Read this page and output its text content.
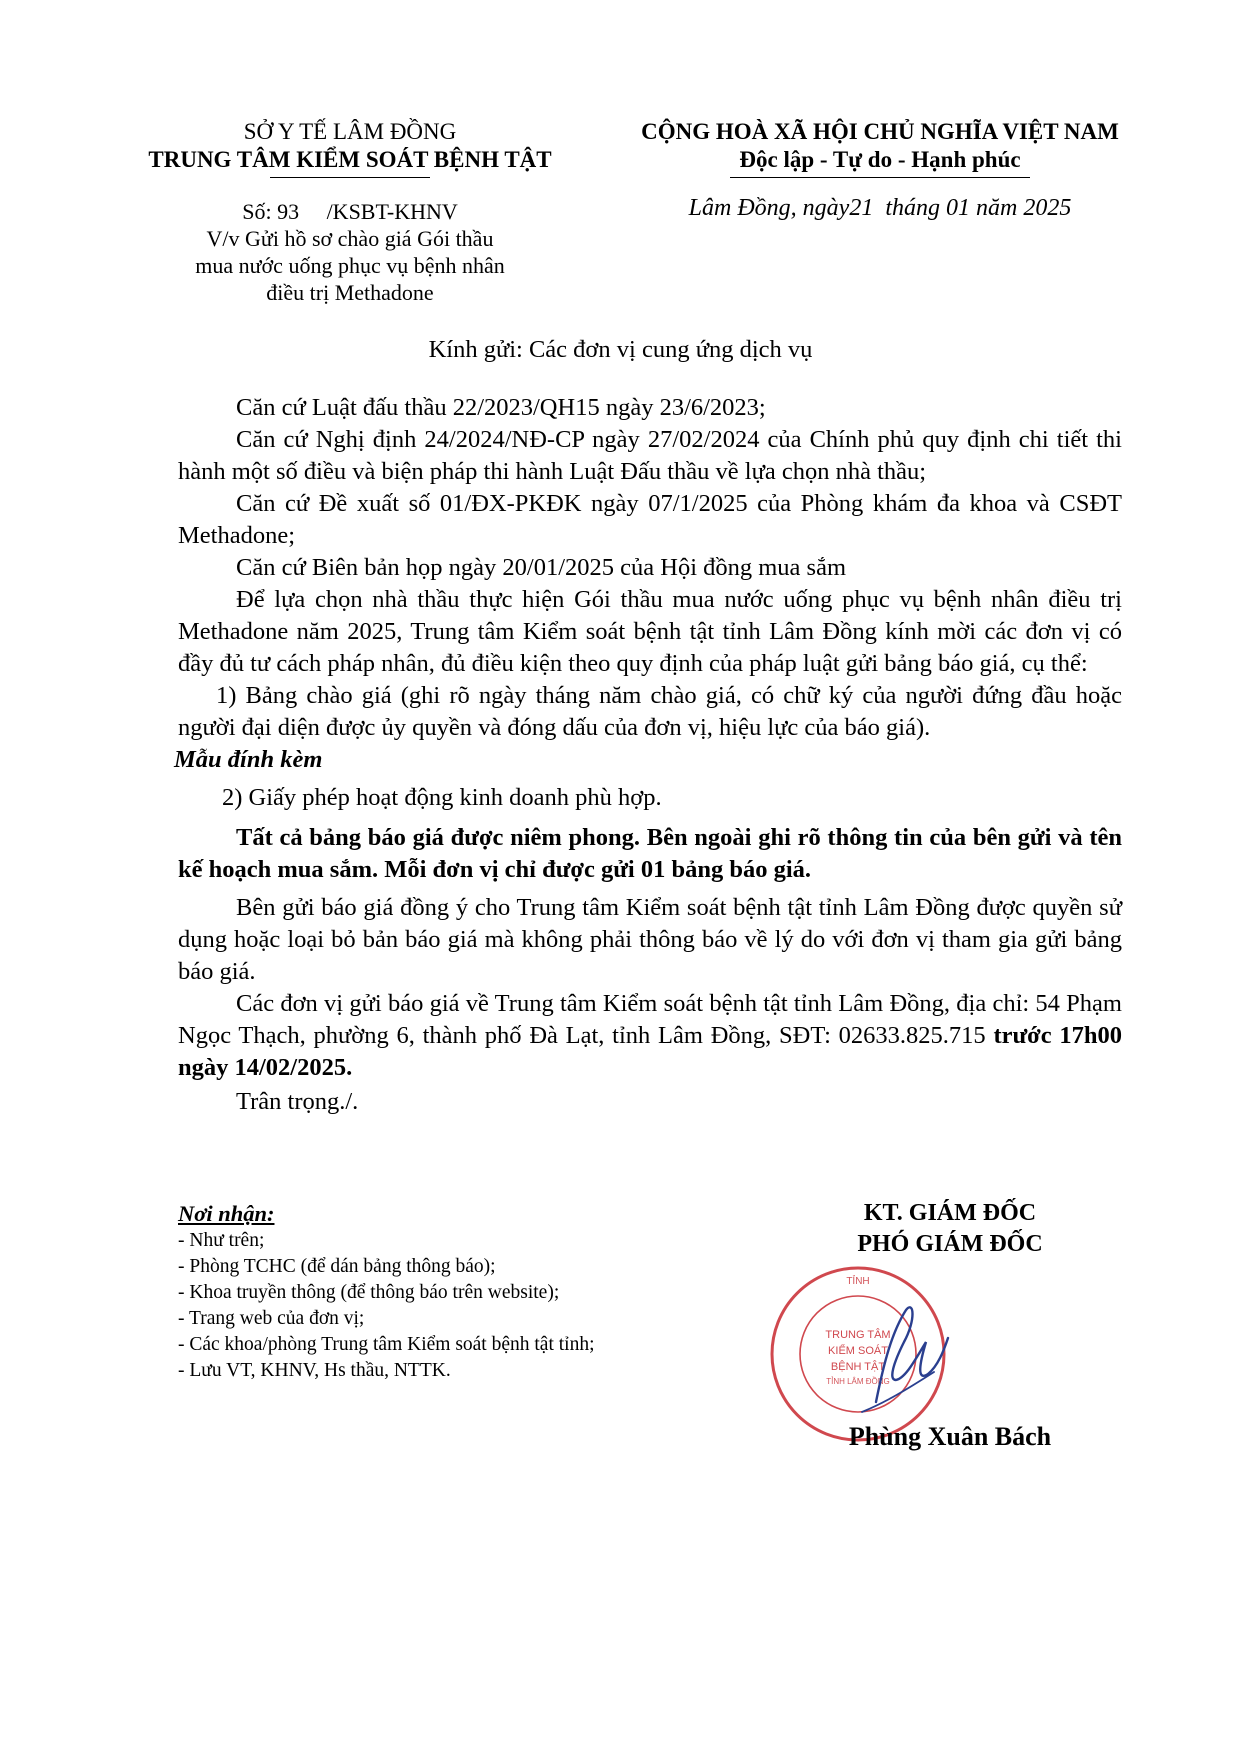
SỞ Y TẾ LÂM ĐỒNG
TRUNG TÂM KIỂM SOÁT BỆNH TẬT
CỘNG HOÀ XÃ HỘI CHỦ NGHĨA VIỆT NAM
Độc lập - Tự do - Hạnh phúc
Số: 93     /KSBT-KHNV
V/v Gửi hồ sơ chào giá Gói thầu
mua nước uống phục vụ bệnh nhân
điều trị Methadone
Lâm Đồng, ngày21  tháng 01 năm 2025
Kính gửi: Các đơn vị cung ứng dịch vụ

Căn cứ Luật đấu thầu 22/2023/QH15 ngày 23/6/2023;

Căn cứ Nghị định 24/2024/NĐ-CP ngày 27/02/2024 của Chính phủ quy định chi tiết thi hành một số điều và biện pháp thi hành Luật Đấu thầu về lựa chọn nhà thầu;

Căn cứ Đề xuất số 01/ĐX-PKĐK ngày 07/1/2025 của Phòng khám đa khoa và CSĐT Methadone;

Căn cứ Biên bản họp ngày 20/01/2025 của Hội đồng mua sắm

Để lựa chọn nhà thầu thực hiện Gói thầu mua nước uống phục vụ bệnh nhân điều trị Methadone năm 2025, Trung tâm Kiểm soát bệnh tật tỉnh Lâm Đồng kính mời các đơn vị có đầy đủ tư cách pháp nhân, đủ điều kiện theo quy định của pháp luật gửi bảng báo giá, cụ thể:

1) Bảng chào giá (ghi rõ ngày tháng năm chào giá, có chữ ký của người đứng đầu hoặc người đại diện được ủy quyền và đóng dấu của đơn vị, hiệu lực của báo giá).

Mẫu đính kèm

2) Giấy phép hoạt động kinh doanh phù hợp.

Tất cả bảng báo giá được niêm phong. Bên ngoài ghi rõ thông tin của bên gửi và tên kế hoạch mua sắm. Mỗi đơn vị chỉ được gửi 01 bảng báo giá.

Bên gửi báo giá đồng ý cho Trung tâm Kiểm soát bệnh tật tỉnh Lâm Đồng được quyền sử dụng hoặc loại bỏ bản báo giá mà không phải thông báo về lý do với đơn vị tham gia gửi bảng báo giá.

Các đơn vị gửi báo giá về Trung tâm Kiểm soát bệnh tật tỉnh Lâm Đồng, địa chỉ: 54 Phạm Ngọc Thạch, phường 6, thành phố Đà Lạt, tỉnh Lâm Đồng, SĐT: 02633.825.715 trước 17h00 ngày 14/02/2025.

Trân trọng./.

Nơi nhận:
- Như trên;
- Phòng TCHC (để dán bảng thông báo);
- Khoa truyền thông (để thông báo trên website);
- Trang web của đơn vị;
- Các khoa/phòng Trung tâm Kiểm soát bệnh tật tỉnh;
- Lưu VT, KHNV, Hs thầu, NTTK.
KT. GIÁM ĐỐC
PHÓ GIÁM ĐỐC
TỈNH
TRUNG TÂM
KIỂM SOÁT
BỆNH TẬT
TỈNH LÂM ĐỒNG
Phùng Xuân Bách
